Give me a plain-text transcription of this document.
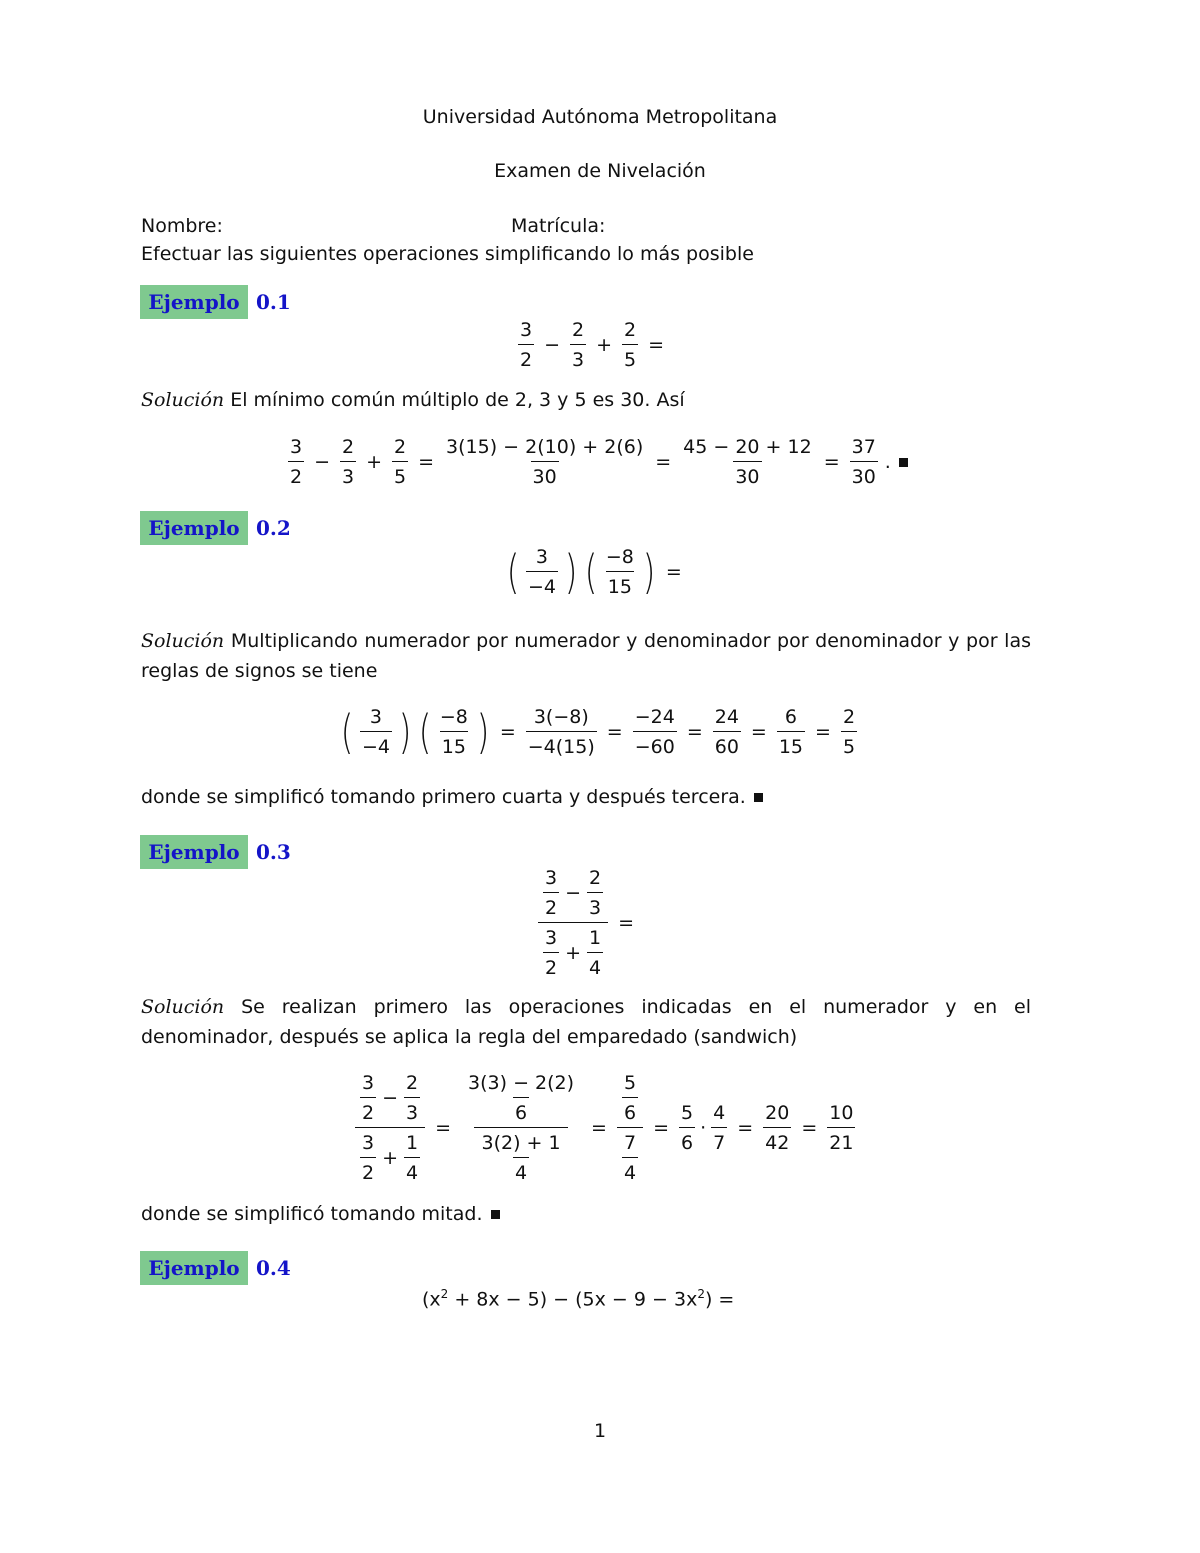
Universidad Autónoma Metropolitana
Examen de Nivelación
Nombre:	Matrícula:
Efectuar las siguientes operaciones simplificando lo más posible
Ejemplo 0.1
$\frac{3}{2} - \frac{2}{3} + \frac{2}{5}$ =
Solución El mínimo común múltiplo de 2, 3 y 5 es 30. Así
$\frac{3}{2} - \frac{2}{3} + \frac{2}{5} = \frac{3(15) - 2(10) + 2(6)}{30} = \frac{45 - 20 + 12}{30} = \frac{37}{30}$ .
Ejemplo 0.2
( $\frac{3}{-4}$ ) ( $\frac{-8}{15}$ ) =
Solución Multiplicando numerador por numerador y denominador por denominador y por las reglas de signos se tiene
( $\frac{3}{-4}$ ) ( $\frac{-8}{15}$ ) = $\frac{3(-8)}{-4(15)} = \frac{-24}{-60} = \frac{24}{60} = \frac{6}{15} = \frac{2}{5}$
donde se simplificó tomando primero cuarta y después tercera.
Ejemplo 0.3
$\frac{\frac{3}{2} - \frac{2}{3}}{\frac{3}{2} + \frac{1}{4}}$ =
Solución Se realizan primero las operaciones indicadas en el numerador y en el denominador, después se aplica la regla del emparedado (sandwich)
$\frac{\frac{3}{2} - \frac{2}{3}}{\frac{3}{2} + \frac{1}{4}} = \frac{\frac{3(3) - 2(2)}{6}}{\frac{3(2) + 1}{4}} = \frac{\frac{5}{6}}{\frac{7}{4}} = \frac{5}{6} \cdot \frac{4}{7} = \frac{20}{42} = \frac{10}{21}$
donde se simplificó tomando mitad.
Ejemplo 0.4
$(x^2 + 8x - 5) - (5x - 9 - 3x^2)$ =
1
